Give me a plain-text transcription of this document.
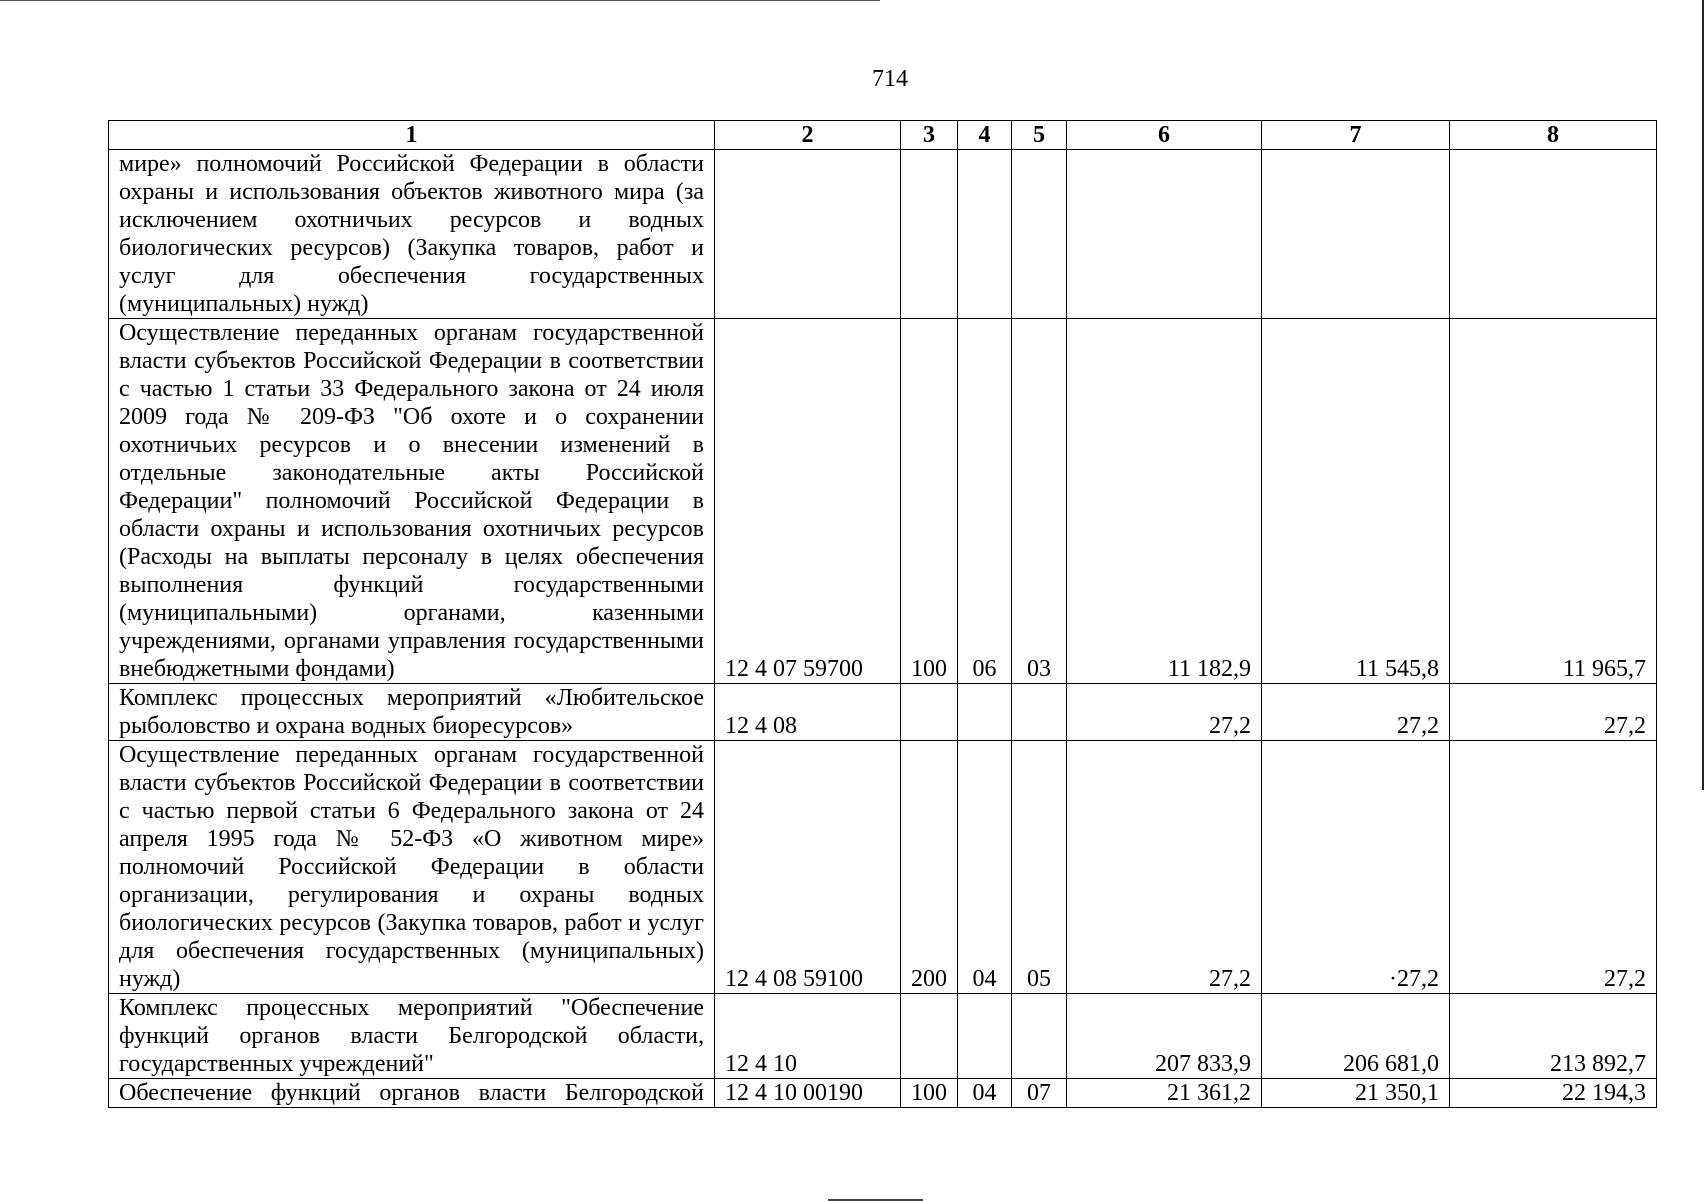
714
1	2	3	4	5	6	7	8
мире» полномочий Российской Федерации в области охраны и использования объектов животного мира (за исключением охотничьих ресурсов и водных биологических ресурсов) (Закупка товаров, работ и услуг для обеспечения государственных (муниципальных) нужд)							
Осуществление переданных органам государственной власти субъектов Российской Федерации в соответствии с частью 1 статьи 33 Федерального закона от 24 июля 2009 года № 209-ФЗ "Об охоте и о сохранении охотничьих ресурсов и о внесении изменений в отдельные законодательные акты Российской Федерации" полномочий Российской Федерации в области охраны и использования охотничьих ресурсов (Расходы на выплаты персоналу в целях обеспечения выполнения функций государственными (муниципальными) органами, казенными учреждениями, органами управления государственными внебюджетными фондами)	12 4 07 59700	100	06	03	11 182,9	11 545,8	11 965,7
Комплекс процессных мероприятий «Любительское рыболовство и охрана водных биоресурсов»	12 4 08				27,2	27,2	27,2
Осуществление переданных органам государственной власти субъектов Российской Федерации в соответствии с частью первой статьи 6 Федерального закона от 24 апреля 1995 года № 52-ФЗ «О животном мире» полномочий Российской Федерации в области организации, регулирования и охраны водных биологических ресурсов (Закупка товаров, работ и услуг для обеспечения государственных (муниципальных) нужд)	12 4 08 59100	200	04	05	27,2	·27,2	27,2
Комплекс процессных мероприятий "Обеспечение функций органов власти Белгородской области, государственных учреждений"	12 4 10				207 833,9	206 681,0	213 892,7
Обеспечение функций органов власти Белгородской	12 4 10 00190	100	04	07	21 361,2	21 350,1	22 194,3
